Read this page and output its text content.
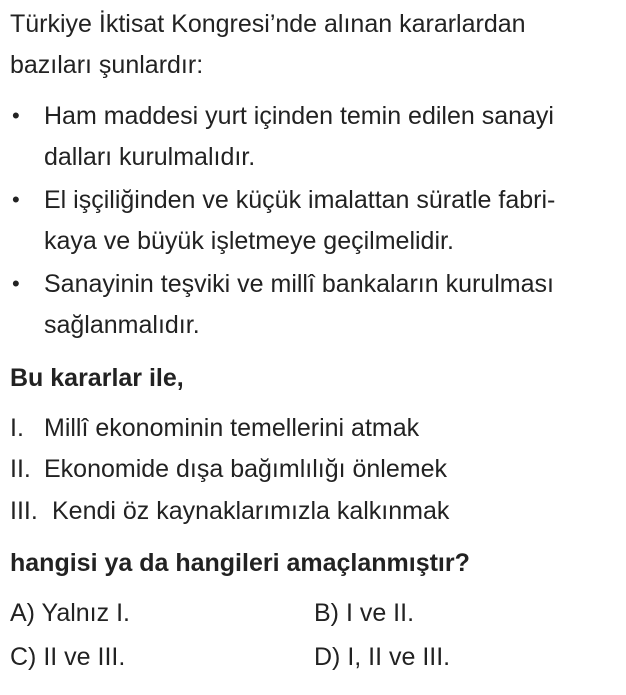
Türkiye İktisat Kongresi’nde alınan kararlardan
bazıları şunlardır:
• Ham maddesi yurt içinden temin edilen sanayi
dalları kurulmalıdır.
• El işçiliğinden ve küçük imalattan süratle fabri-
kaya ve büyük işletmeye geçilmelidir.
• Sanayinin teşviki ve millî bankaların kurulması
sağlanmalıdır.
Bu kararlar ile,
I. Millî ekonominin temellerini atmak
II. Ekonomide dışa bağımlılığı önlemek
III. Kendi öz kaynaklarımızla kalkınmak
hangisi ya da hangileri amaçlanmıştır?
A) Yalnız I.	B) I ve II.
C) II ve III.	D) I, II ve III.
